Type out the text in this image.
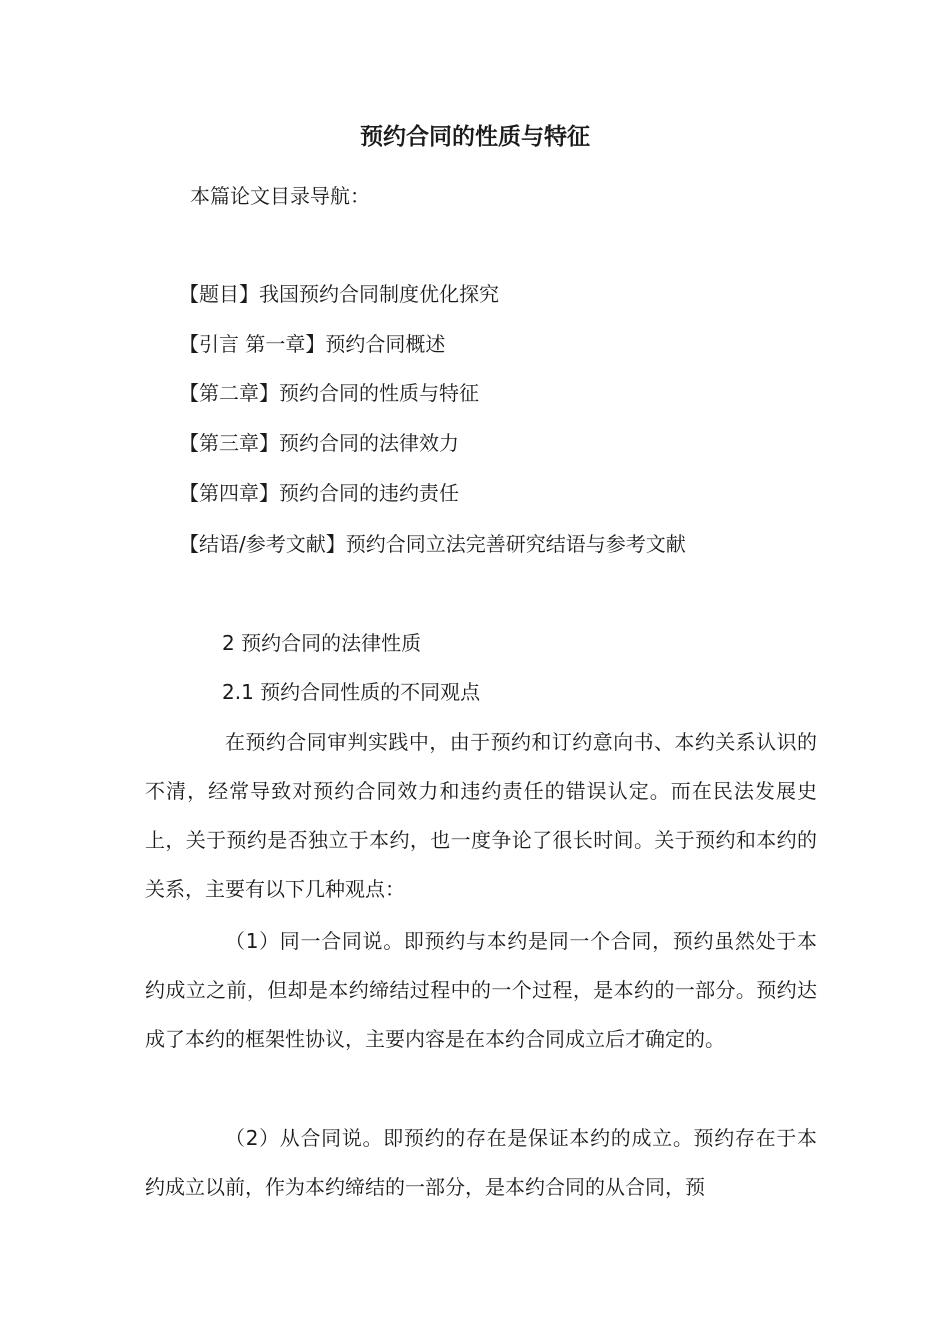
预约合同的性质与特征
本篇论文目录导航：
【题目】我国预约合同制度优化探究
【引言 第一章】预约合同概述
【第二章】预约合同的性质与特征
【第三章】预约合同的法律效力
【第四章】预约合同的违约责任
【结语/参考文献】预约合同立法完善研究结语与参考文献
2 预约合同的法律性质
2.1 预约合同性质的不同观点

在预约合同审判实践中，由于预约和订约意向书、本约关系认识的不清，经常导致对预约合同效力和违约责任的错误认定。而在民法发展史上，关于预约是否独立于本约，也一度争论了很长时间。关于预约和本约的关系，主要有以下几种观点：

（1）同一合同说。即预约与本约是同一个合同，预约虽然处于本约成立之前，但却是本约缔结过程中的一个过程，是本约的一部分。预约达成了本约的框架性协议，主要内容是在本约合同成立后才确定的。

（2）从合同说。即预约的存在是保证本约的成立。预约存在于本约成立以前，作为本约缔结的一部分，是本约合同的从合同，预
